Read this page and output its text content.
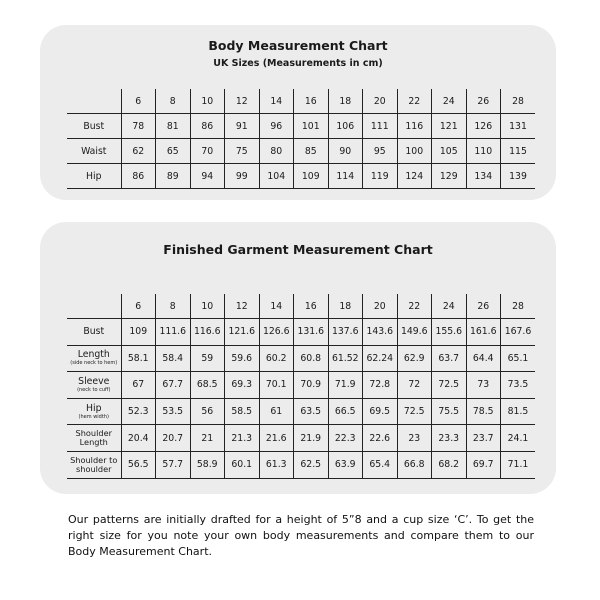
Body Measurement Chart
UK Sizes (Measurements in cm)
	6	8	10	12	14	16	18	20	22	24	26	28
Bust	78	81	86	91	96	101	106	111	116	121	126	131
Waist	62	65	70	75	80	85	90	95	100	105	110	115
Hip	86	89	94	99	104	109	114	119	124	129	134	139
Finished Garment Measurement Chart
	6	8	10	12	14	16	18	20	22	24	26	28
Bust	109	111.6	116.6	121.6	126.6	131.6	137.6	143.6	149.6	155.6	161.6	167.6

Length
(side neck to hem)	58.1	58.4	59	59.6	60.2	60.8	61.52	62.24	62.9	63.7	64.4	65.1

Sleeve
(neck to cuff)	67	67.7	68.5	69.3	70.1	70.9	71.9	72.8	72	72.5	73	73.5

Hip
(hem width)	52.3	53.5	56	58.5	61	63.5	66.5	69.5	72.5	75.5	78.5	81.5

Shoulder Length	20.4	20.7	21	21.3	21.6	21.9	22.3	22.6	23	23.3	23.7	24.1

Shoulder to shoulder	56.5	57.7	58.9	60.1	61.3	62.5	63.9	65.4	66.8	68.2	69.7	71.1
Our patterns are initially drafted for a height of 5”8 and a cup size ‘C’. To get the right size for you note your own body measurements and compare them to our Body Measurement Chart.
